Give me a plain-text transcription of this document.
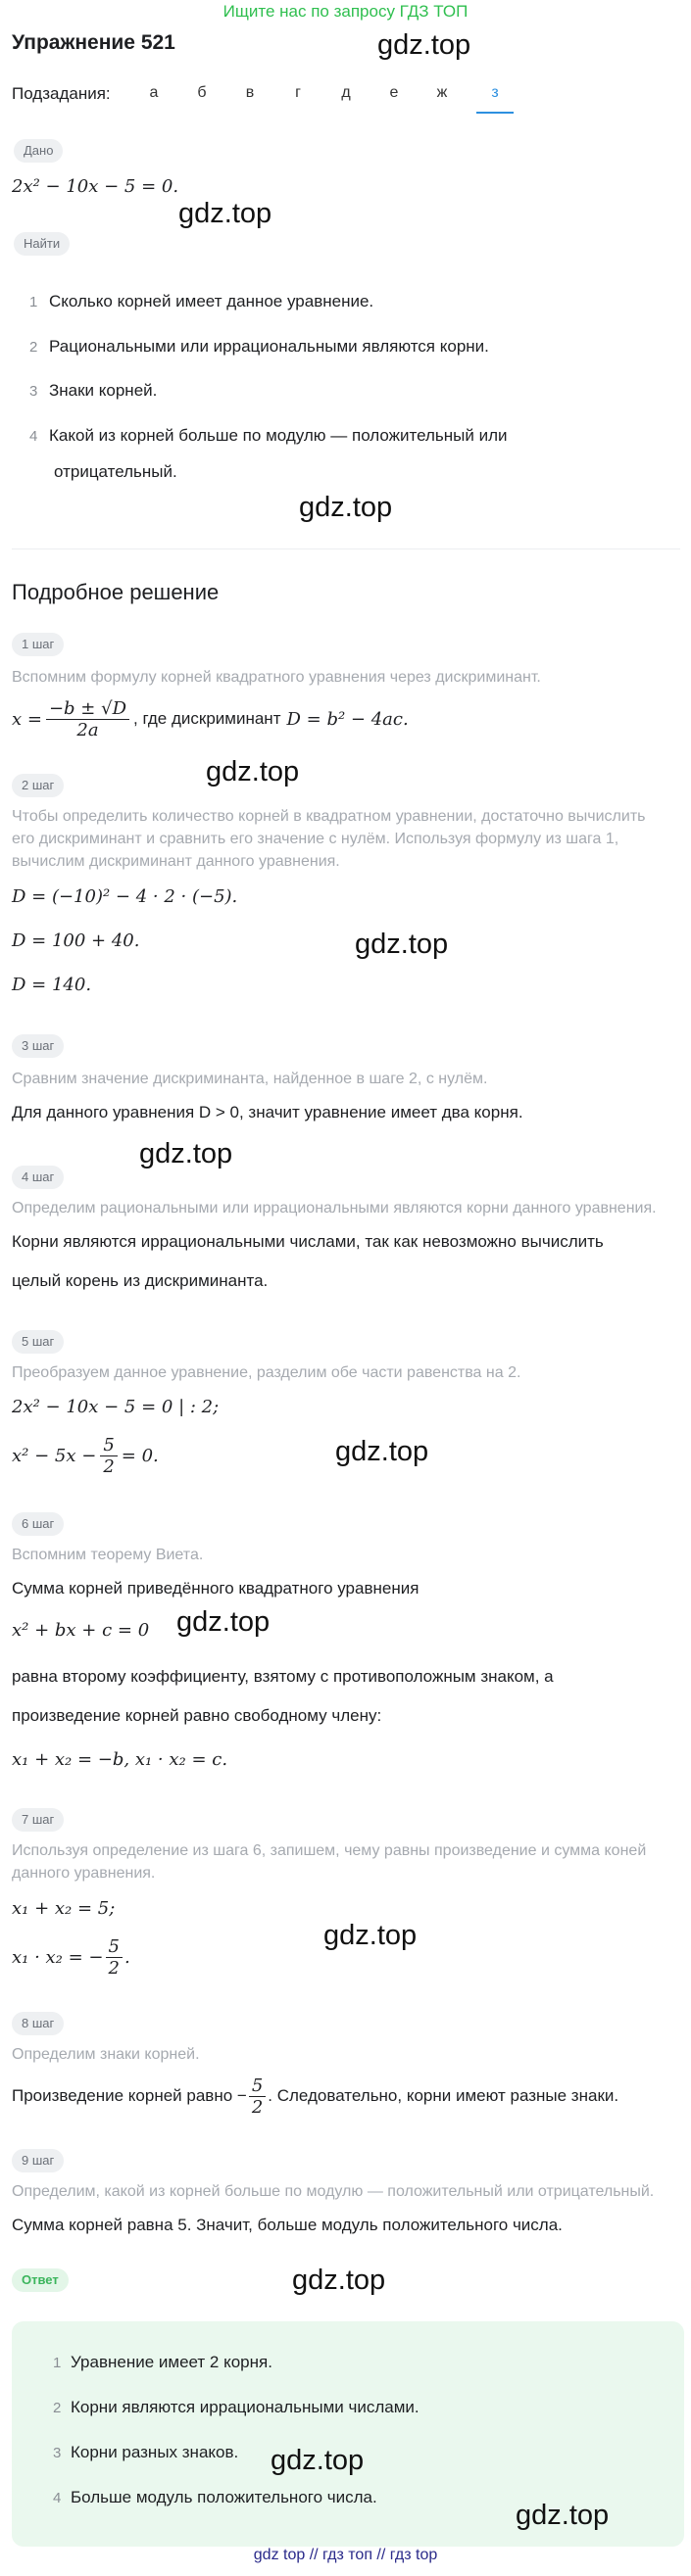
Ищите нас по запросу ГДЗ ТОП
Упражнение 521	gdz.top
Подзадания:	а	б	в	г	д	е	ж	з
Дано
2x² − 10x − 5 = 0.
gdz.top
Найти
1 Сколько корней имеет данное уравнение.
2 Рациональными или иррациональными являются корни.
3 Знаки корней.
4 Какой из корней больше по модулю — положительный или
отрицательный.
gdz.top
Подробное решение
1 шаг
Вспомним формулу корней квадратного уравнения через дискриминант.
$x = \frac{-b \pm √D}{2a}$ , где дискриминант D = b² − 4ac.
2 шаг	gdz.top
Чтобы определить количество корней в квадратном уравнении, достаточно вычислить
его дискриминант и сравнить его значение с нулём. Используя формулу из шага 1,
вычислим дискриминант данного уравнения.
D = (−10)² − 4 · 2 · (−5).
gdz.top
D = 100 + 40.
D = 140.
3 шаг
Сравним значение дискриминанта, найденное в шаге 2, с нулём.
Для данного уравнения D > 0, значит уравнение имеет два корня.
gdz.top
4 шаг
Определим рациональными или иррациональными являются корни данного уравнения.
Корни являются иррациональными числами, так как невозможно вычислить
целый корень из дискриминанта.
5 шаг
Преобразуем данное уравнение, разделим обе части равенства на 2.
2x² − 10x − 5 = 0 | : 2;
$x^2 - 5x - \frac{5}{2} = 0$.	gdz.top
6 шаг
Вспомним теорему Виета.
Сумма корней приведённого квадратного уравнения
x² + bx + c = 0 gdz.top
равна второму коэффициенту, взятому с противоположным знаком, а
произведение корней равно свободному члену:
x₁ + x₂ = −b, x₁ · x₂ = c.
7 шаг
Используя определение из шага 6, запишем, чему равны произведение и сумма коней
данного уравнения.
x₁ + x₂ = 5;
x₁ · x₂ = − $\frac{5}{2}$ .
gdz.top
8 шаг
Определим знаки корней.
Произведение корней равно − $\frac{5}{2}$ . Следовательно, корни имеют разные знаки.
9 шаг
Определим, какой из корней больше по модулю — положительный или отрицательный.
Сумма корней равна 5. Значит, больше модуль положительного числа.
Ответ	gdz.top
1 Уравнение имеет 2 корня.
2 Корни являются иррациональными числами.
3 Корни разных знаков. gdz.top
4 Больше модуль положительного числа.
gdz.top
gdz top // гдз топ // гдз top
